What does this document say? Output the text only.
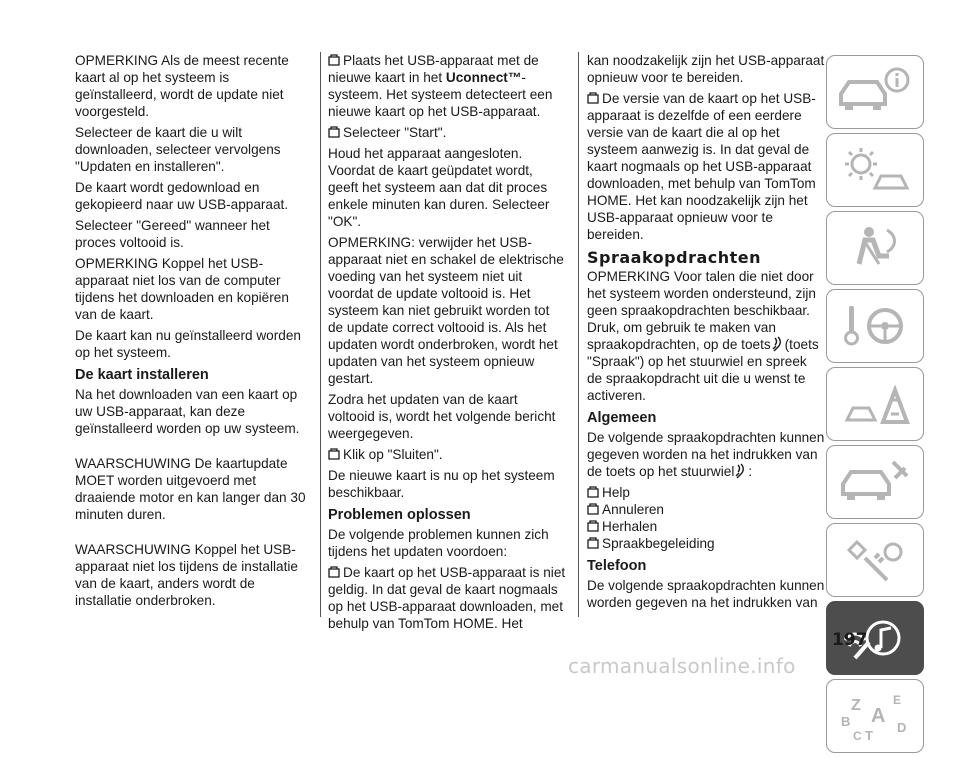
OPMERKING Als de meest recente kaart al op het systeem is geïnstalleerd, wordt de update niet voorgesteld.

Selecteer de kaart die u wilt downloaden, selecteer vervolgens "Updaten en installeren".

De kaart wordt gedownload en gekopieerd naar uw USB-apparaat.

Selecteer "Gereed" wanneer het proces voltooid is.

OPMERKING Koppel het USB-apparaat niet los van de computer tijdens het downloaden en kopiëren van de kaart.

De kaart kan nu geïnstalleerd worden op het systeem.

De kaart installeren

Na het downloaden van een kaart op uw USB-apparaat, kan deze geïnstalleerd worden op uw systeem.

WAARSCHUWING De kaartupdate MOET worden uitgevoerd met draaiende motor en kan langer dan 30 minuten duren.

WAARSCHUWING Koppel het USB-apparaat niet los tijdens de installatie van de kaart, anders wordt de installatie onderbroken.

Plaats het USB-apparaat met de nieuwe kaart in het Uconnect™-systeem. Het systeem detecteert een nieuwe kaart op het USB-apparaat.

Selecteer "Start".

Houd het apparaat aangesloten. Voordat de kaart geüpdatet wordt, geeft het systeem aan dat dit proces enkele minuten kan duren. Selecteer "OK".

OPMERKING: verwijder het USB-apparaat niet en schakel de elektrische voeding van het systeem niet uit voordat de update voltooid is. Het systeem kan niet gebruikt worden tot de update correct voltooid is. Als het updaten wordt onderbroken, wordt het updaten van het systeem opnieuw gestart.

Zodra het updaten van de kaart voltooid is, wordt het volgende bericht weergegeven.

Klik op "Sluiten".

De nieuwe kaart is nu op het systeem beschikbaar.

Problemen oplossen

De volgende problemen kunnen zich tijdens het updaten voordoen:

De kaart op het USB-apparaat is niet geldig. In dat geval de kaart nogmaals op het USB-apparaat downloaden, met behulp van TomTom HOME. Het

kan noodzakelijk zijn het USB-apparaat opnieuw voor te bereiden.

De versie van de kaart op het USB-apparaat is dezelfde of een eerdere versie van de kaart die al op het systeem aanwezig is. In dat geval de kaart nogmaals op het USB-apparaat downloaden, met behulp van TomTom HOME. Het kan noodzakelijk zijn het USB-apparaat opnieuw voor te bereiden.

Spraakopdrachten

OPMERKING Voor talen die niet door het systeem worden ondersteund, zijn geen spraakopdrachten beschikbaar. Druk, om gebruik te maken van spraakopdrachten, op de toets (toets "Spraak") op het stuurwiel en spreek de spraakopdracht uit die u wenst te activeren.

Algemeen

De volgende spraakopdrachten kunnen gegeven worden na het indrukken van de toets op het stuurwiel :

Help
Annuleren
Herhalen
Spraakbegeleiding
Telefoon

De volgende spraakopdrachten kunnen worden gegeven na het indrukken van

Z	E
B A
C
D
T
197
carmanualsonline.info
